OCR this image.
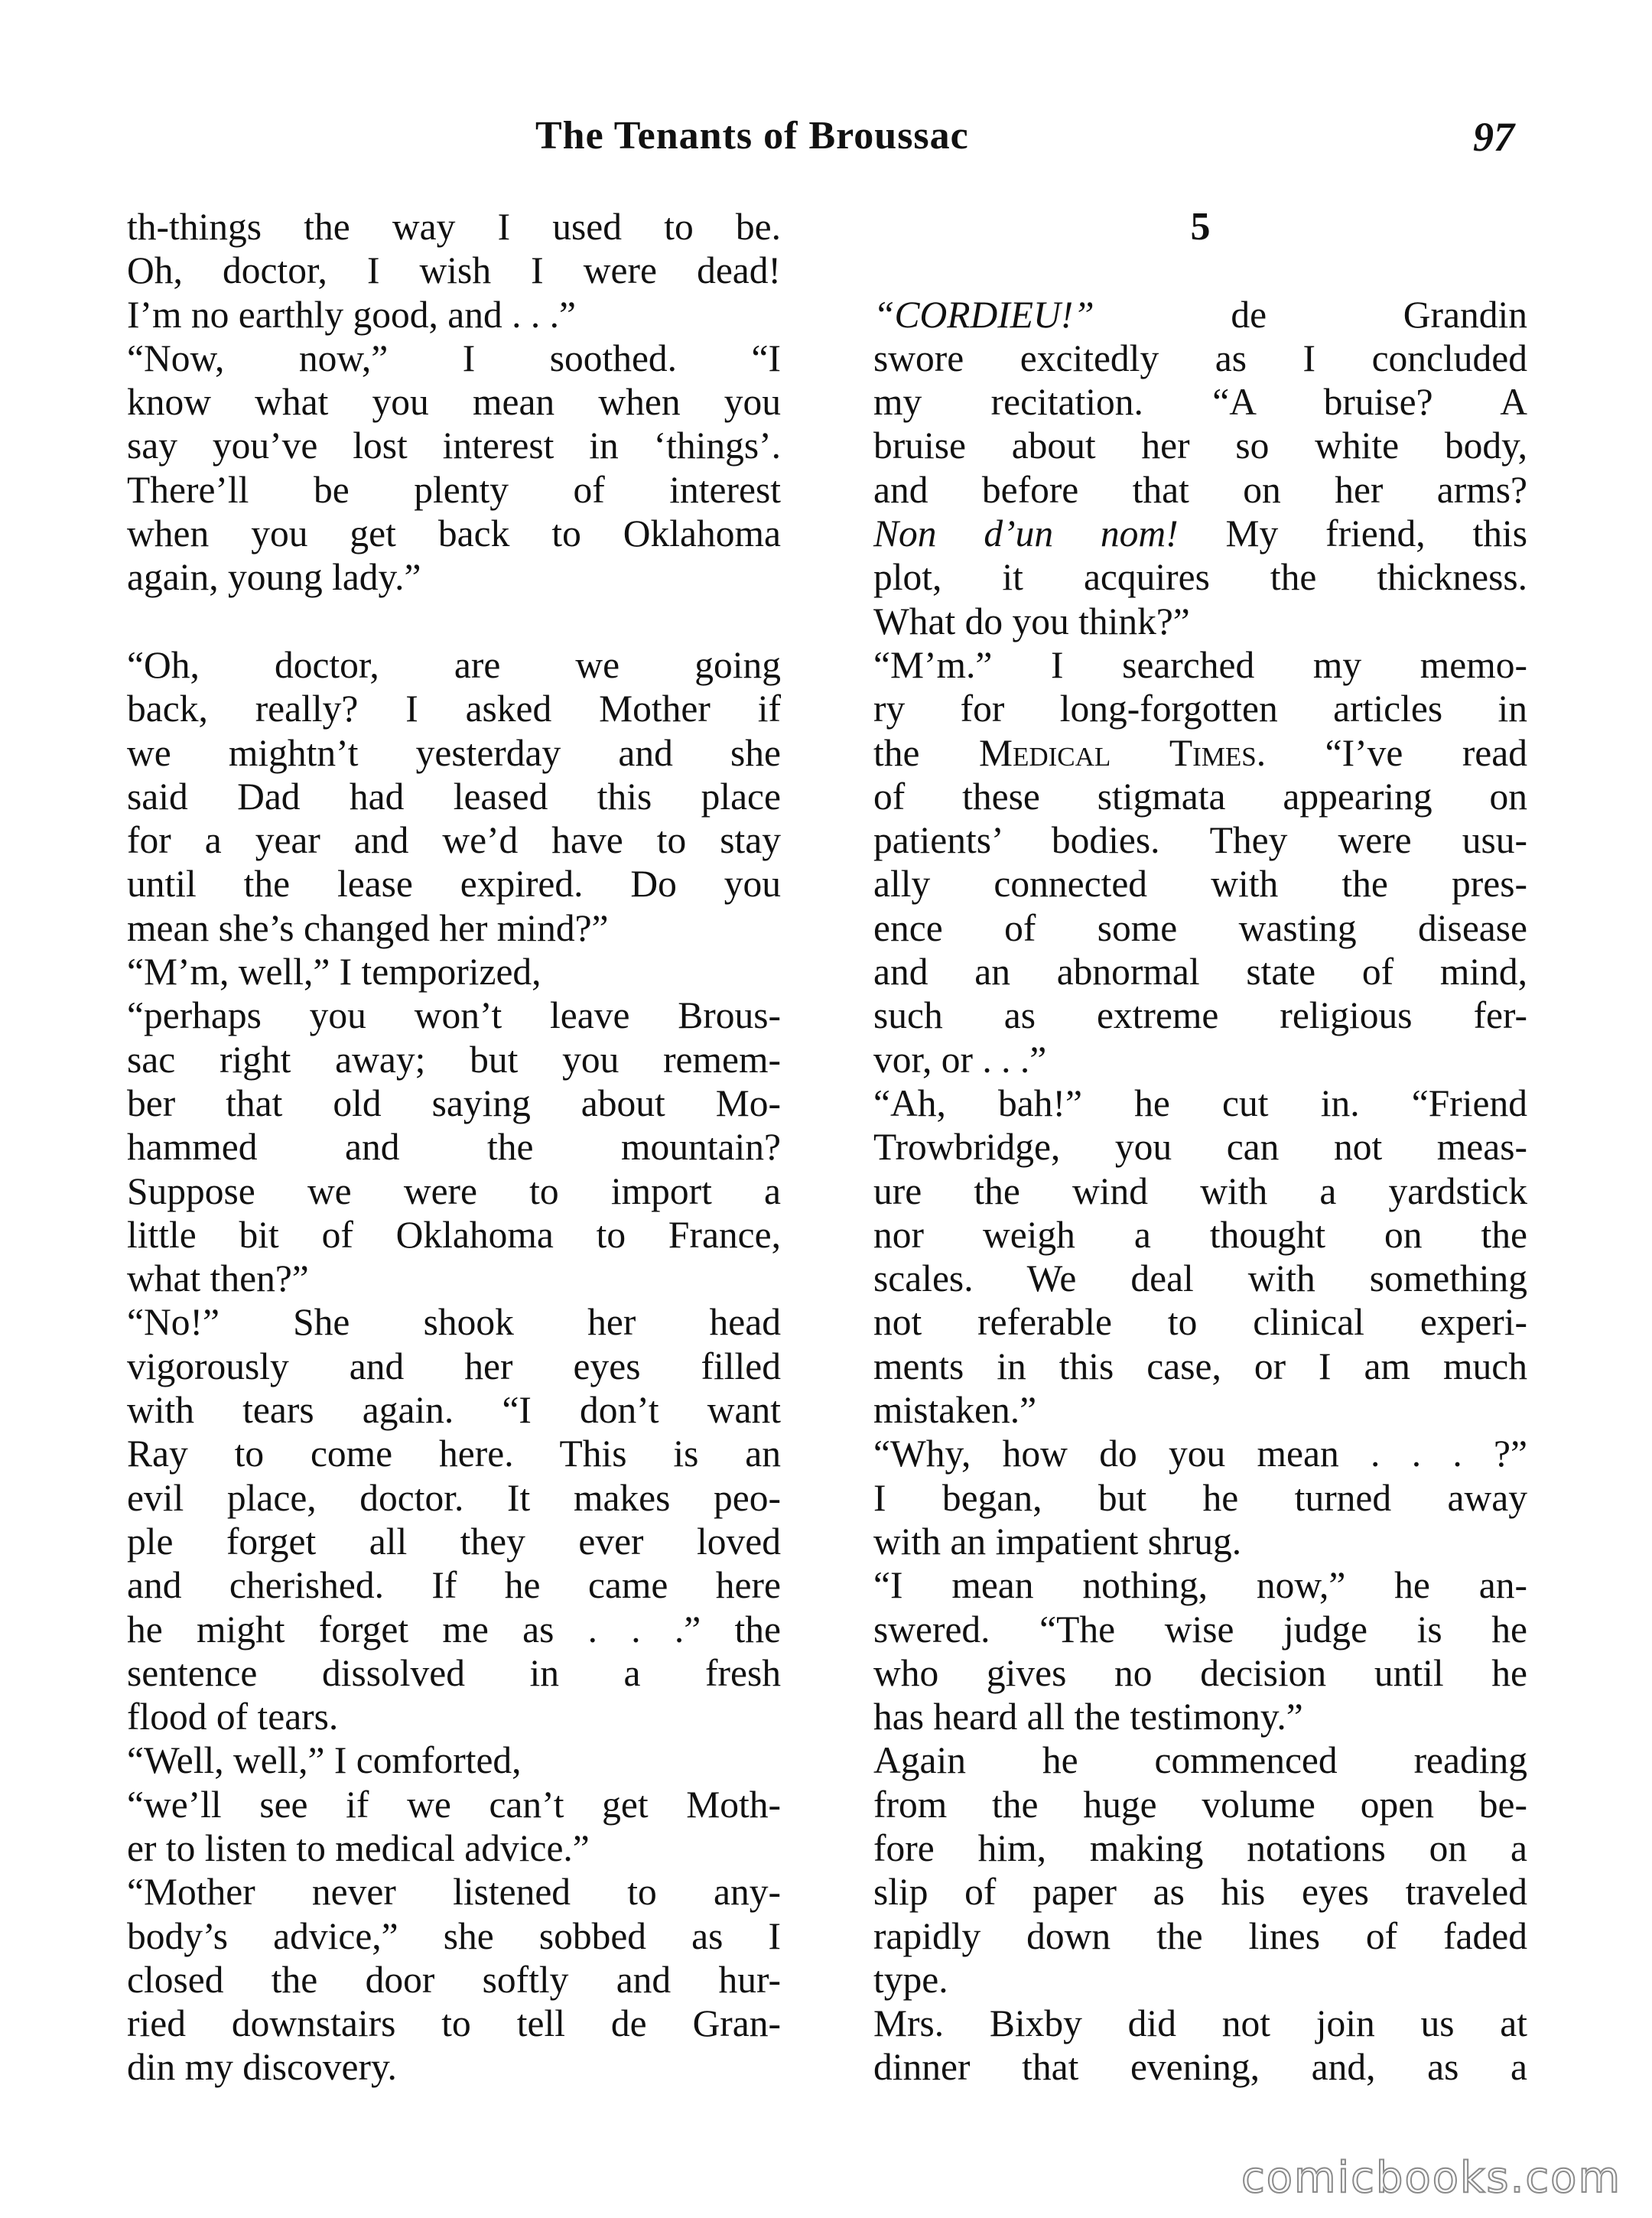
The Tenants of Broussac	97
th-things the way I used to be.
Oh, doctor, I wish I were dead!
I’m no earthly good, and . . .”
“Now, now,” I soothed. “I
know what you mean when you
say you’ve lost interest in ‘things’.
There’ll be plenty of interest
when you get back to Oklahoma
again, young lady.”
“Oh, doctor, are we going
back, really? I asked Mother if
we mightn’t yesterday and she
said Dad had leased this place
for a year and we’d have to stay
until the lease expired. Do you
mean she’s changed her mind?”
“M’m, well,” I temporized,
“perhaps you won’t leave Brous-
sac right away; but you remem-
ber that old saying about Mo-
hammed and the mountain?
Suppose we were to import a
little bit of Oklahoma to France,
what then?”
“No!” She shook her head
vigorously and her eyes filled
with tears again. “I don’t want
Ray to come here. This is an
evil place, doctor. It makes peo-
ple forget all they ever loved
and cherished. If he came here
he might forget me as . . .” the
sentence dissolved in a fresh
flood of tears.
“Well, well,” I comforted,
“we’ll see if we can’t get Moth-
er to listen to medical advice.”
“Mother never listened to any-
body’s advice,” she sobbed as I
closed the door softly and hur-
ried downstairs to tell de Gran-
din my discovery.
5
“CORDIEU!” de Grandin
swore excitedly as I concluded
my recitation. “A bruise? A
bruise about her so white body,
and before that on her arms?
Non d’un nom! My friend, this
plot, it acquires the thickness.
What do you think?”
“M’m.” I searched my memo-
ry for long-forgotten articles in
the Medical Times. “I’ve read
of these stigmata appearing on
patients’ bodies. They were usu-
ally connected with the pres-
ence of some wasting disease
and an abnormal state of mind,
such as extreme religious fer-
vor, or . . .”
“Ah, bah!” he cut in. “Friend
Trowbridge, you can not meas-
ure the wind with a yardstick
nor weigh a thought on the
scales. We deal with something
not referable to clinical experi-
ments in this case, or I am much
mistaken.”
“Why, how do you mean . . . ?”
I began, but he turned away
with an impatient shrug.
“I mean nothing, now,” he an-
swered. “The wise judge is he
who gives no decision until he
has heard all the testimony.”
Again he commenced reading
from the huge volume open be-
fore him, making notations on a
slip of paper as his eyes traveled
rapidly down the lines of faded
type.
Mrs. Bixby did not join us at
dinner that evening, and, as a
comicbooks.com
